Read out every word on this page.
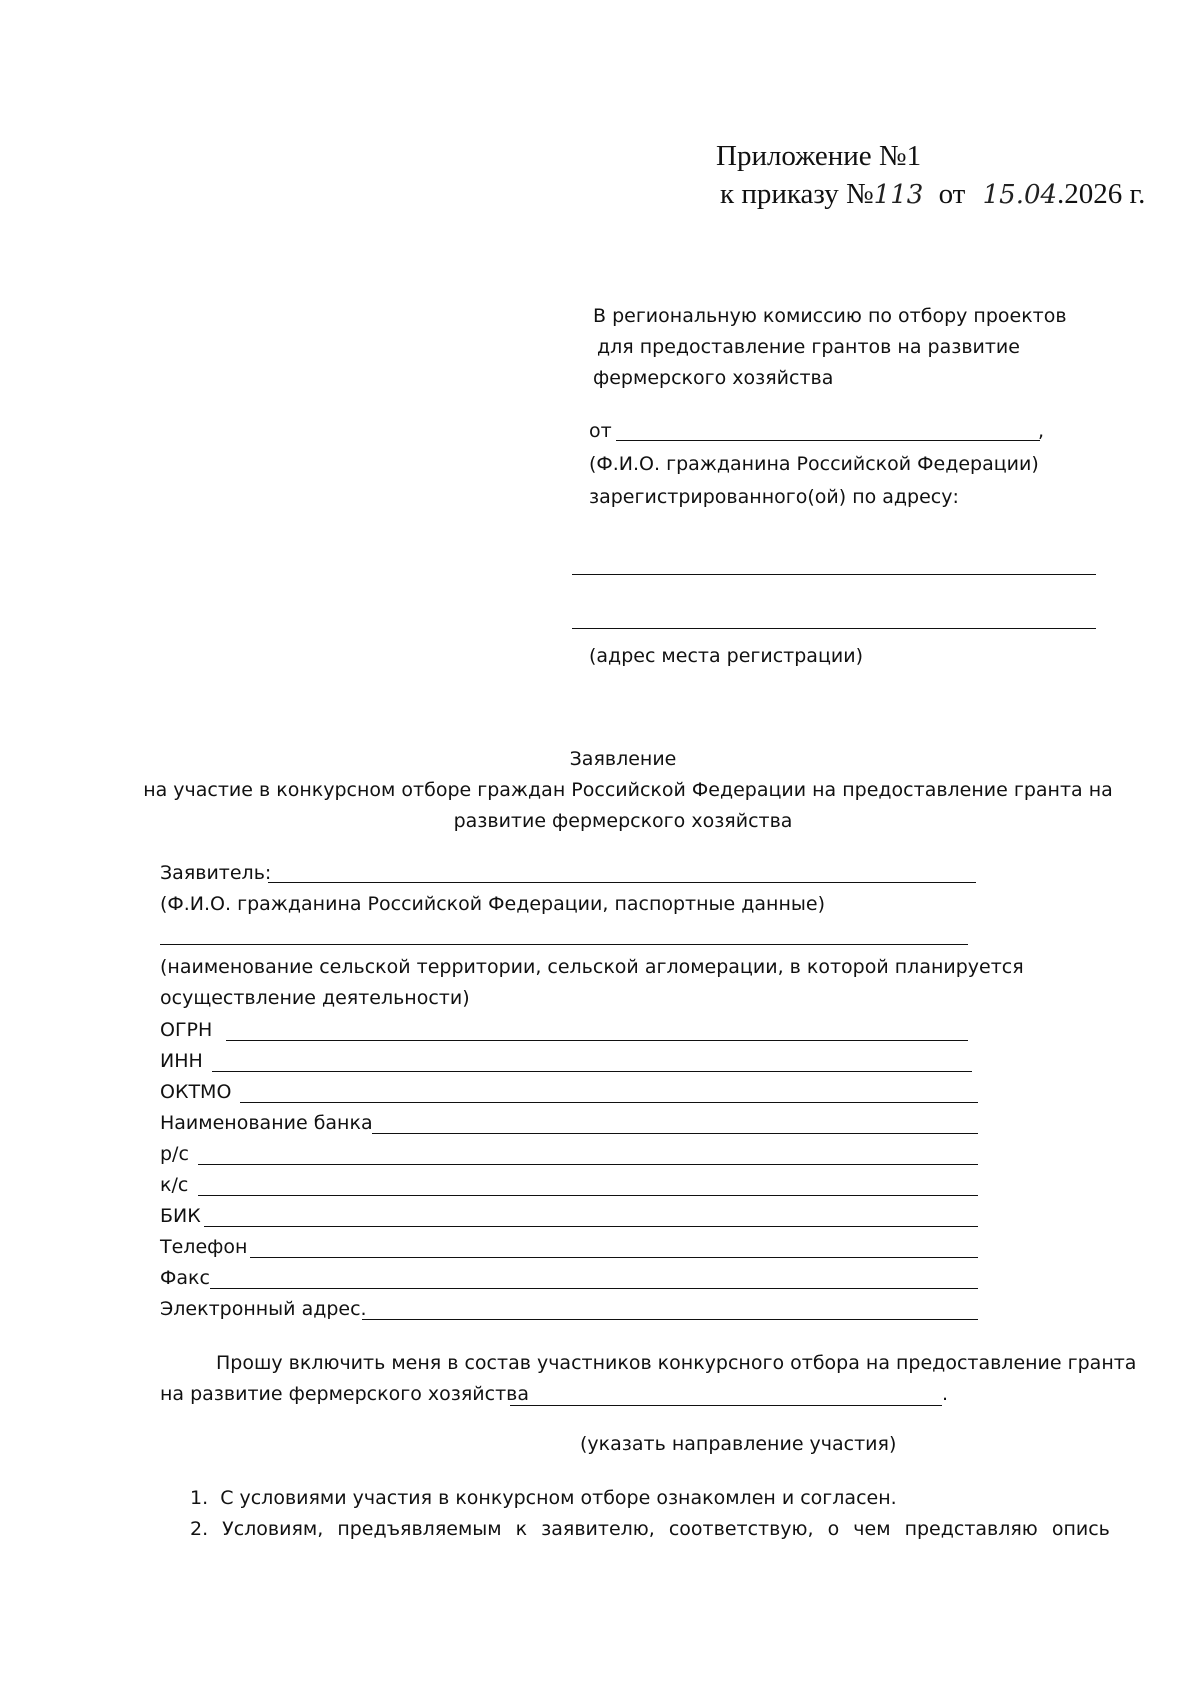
Приложение №1
к приказу №113 от 15.04.2026 г.
В региональную комиссию по отбору проектов
для предоставление грантов на развитие
фермерского хозяйства
от	,
(Ф.И.О. гражданина Российской Федерации)
зарегистрированного(ой) по адресу:
(адрес места регистрации)
Заявление
на участие в конкурсном отборе граждан Российской Федерации на предоставление гранта на
развитие фермерского хозяйства
Заявитель:
(Ф.И.О. гражданина Российской Федерации, паспортные данные)
(наименование сельской территории, сельской агломерации, в которой планируется
осуществление деятельности)
ОГРН
ИНН
ОКТМО
Наименование банка
р/с
к/с
БИК
Телефон
Факс
Электронный адрес.
Прошу включить меня в состав участников конкурсного отбора на предоставление гранта
на развитие фермерского хозяйства	.
(указать направление участия)
1. С условиями участия в конкурсном отборе ознакомлен и согласен.
2. Условиям, предъявляемым к заявителю, соответствую, о чем представляю опись
